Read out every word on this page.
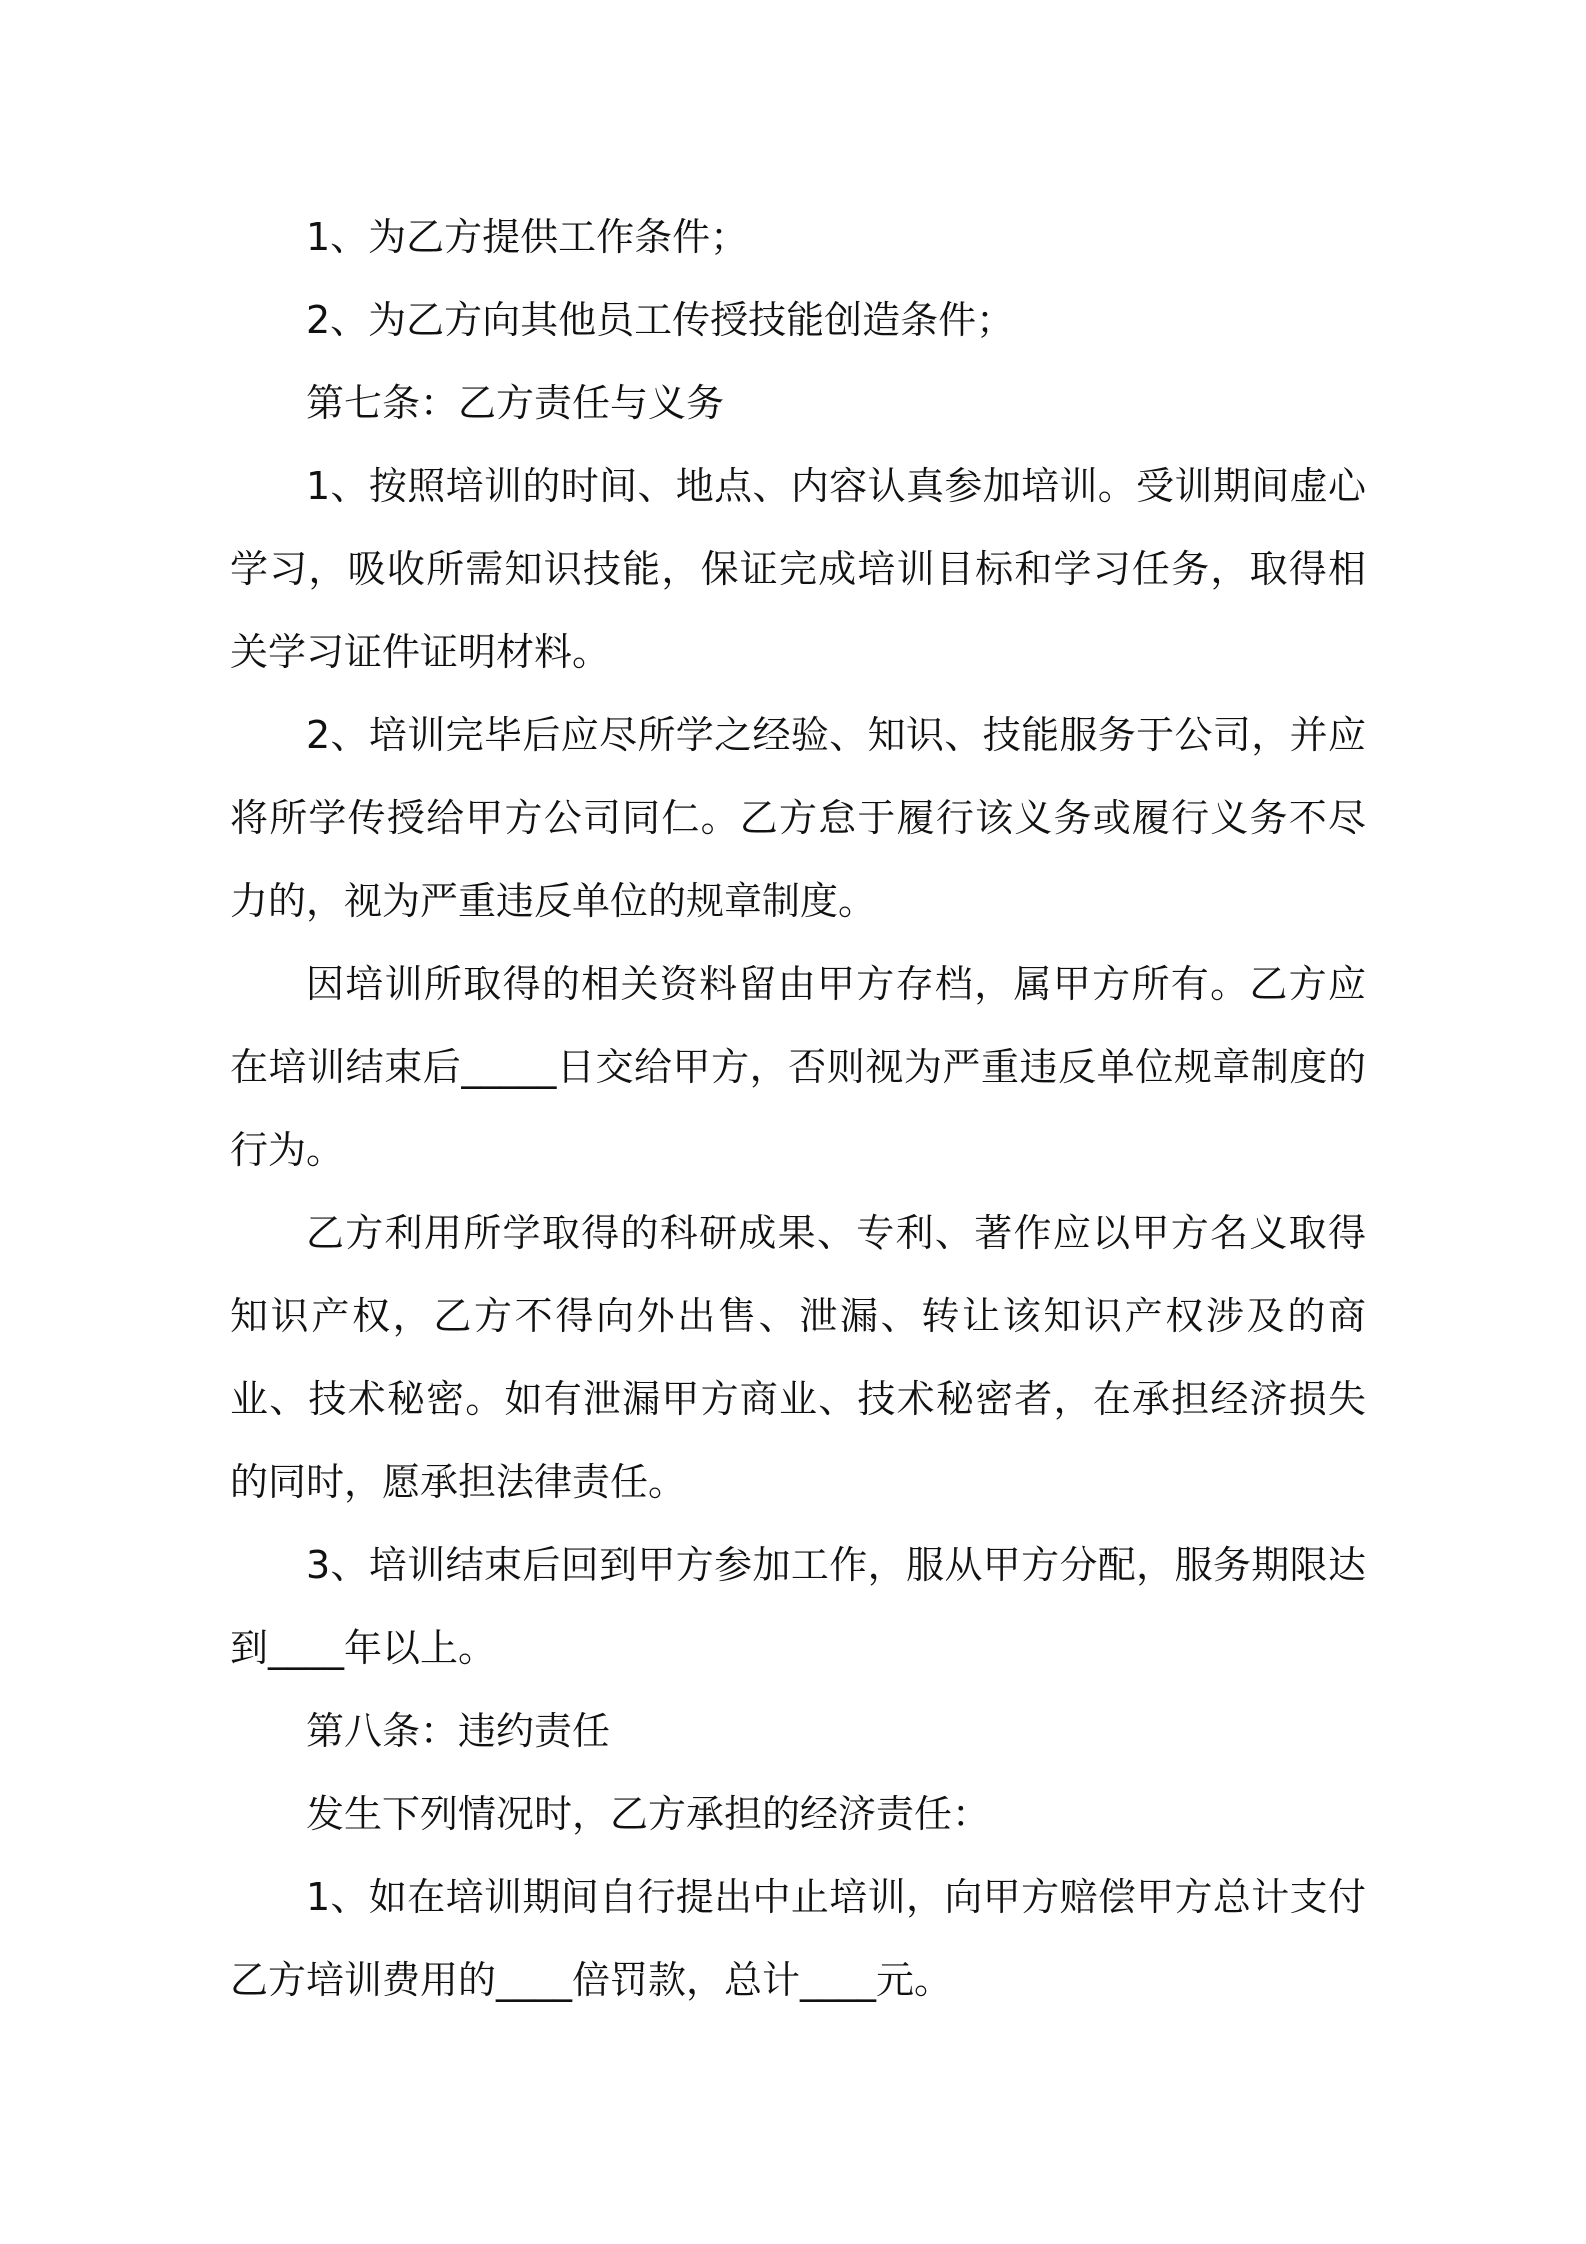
1、为乙方提供工作条件；

2、为乙方向其他员工传授技能创造条件；

第七条：乙方责任与义务

1、按照培训的时间、地点、内容认真参加培训。受训期间虚心学习，吸收所需知识技能，保证完成培训目标和学习任务，取得相关学习证件证明材料。

2、培训完毕后应尽所学之经验、知识、技能服务于公司，并应将所学传授给甲方公司同仁。乙方怠于履行该义务或履行义务不尽力的，视为严重违反单位的规章制度。

因培训所取得的相关资料留由甲方存档，属甲方所有。乙方应在培训结束后_____日交给甲方，否则视为严重违反单位规章制度的行为。

乙方利用所学取得的科研成果、专利、著作应以甲方名义取得知识产权，乙方不得向外出售、泄漏、转让该知识产权涉及的商业、技术秘密。如有泄漏甲方商业、技术秘密者，在承担经济损失的同时，愿承担法律责任。

3、培训结束后回到甲方参加工作，服从甲方分配，服务期限达到____年以上。

第八条：违约责任

发生下列情况时，乙方承担的经济责任：

1、如在培训期间自行提出中止培训，向甲方赔偿甲方总计支付乙方培训费用的____倍罚款，总计____元。
